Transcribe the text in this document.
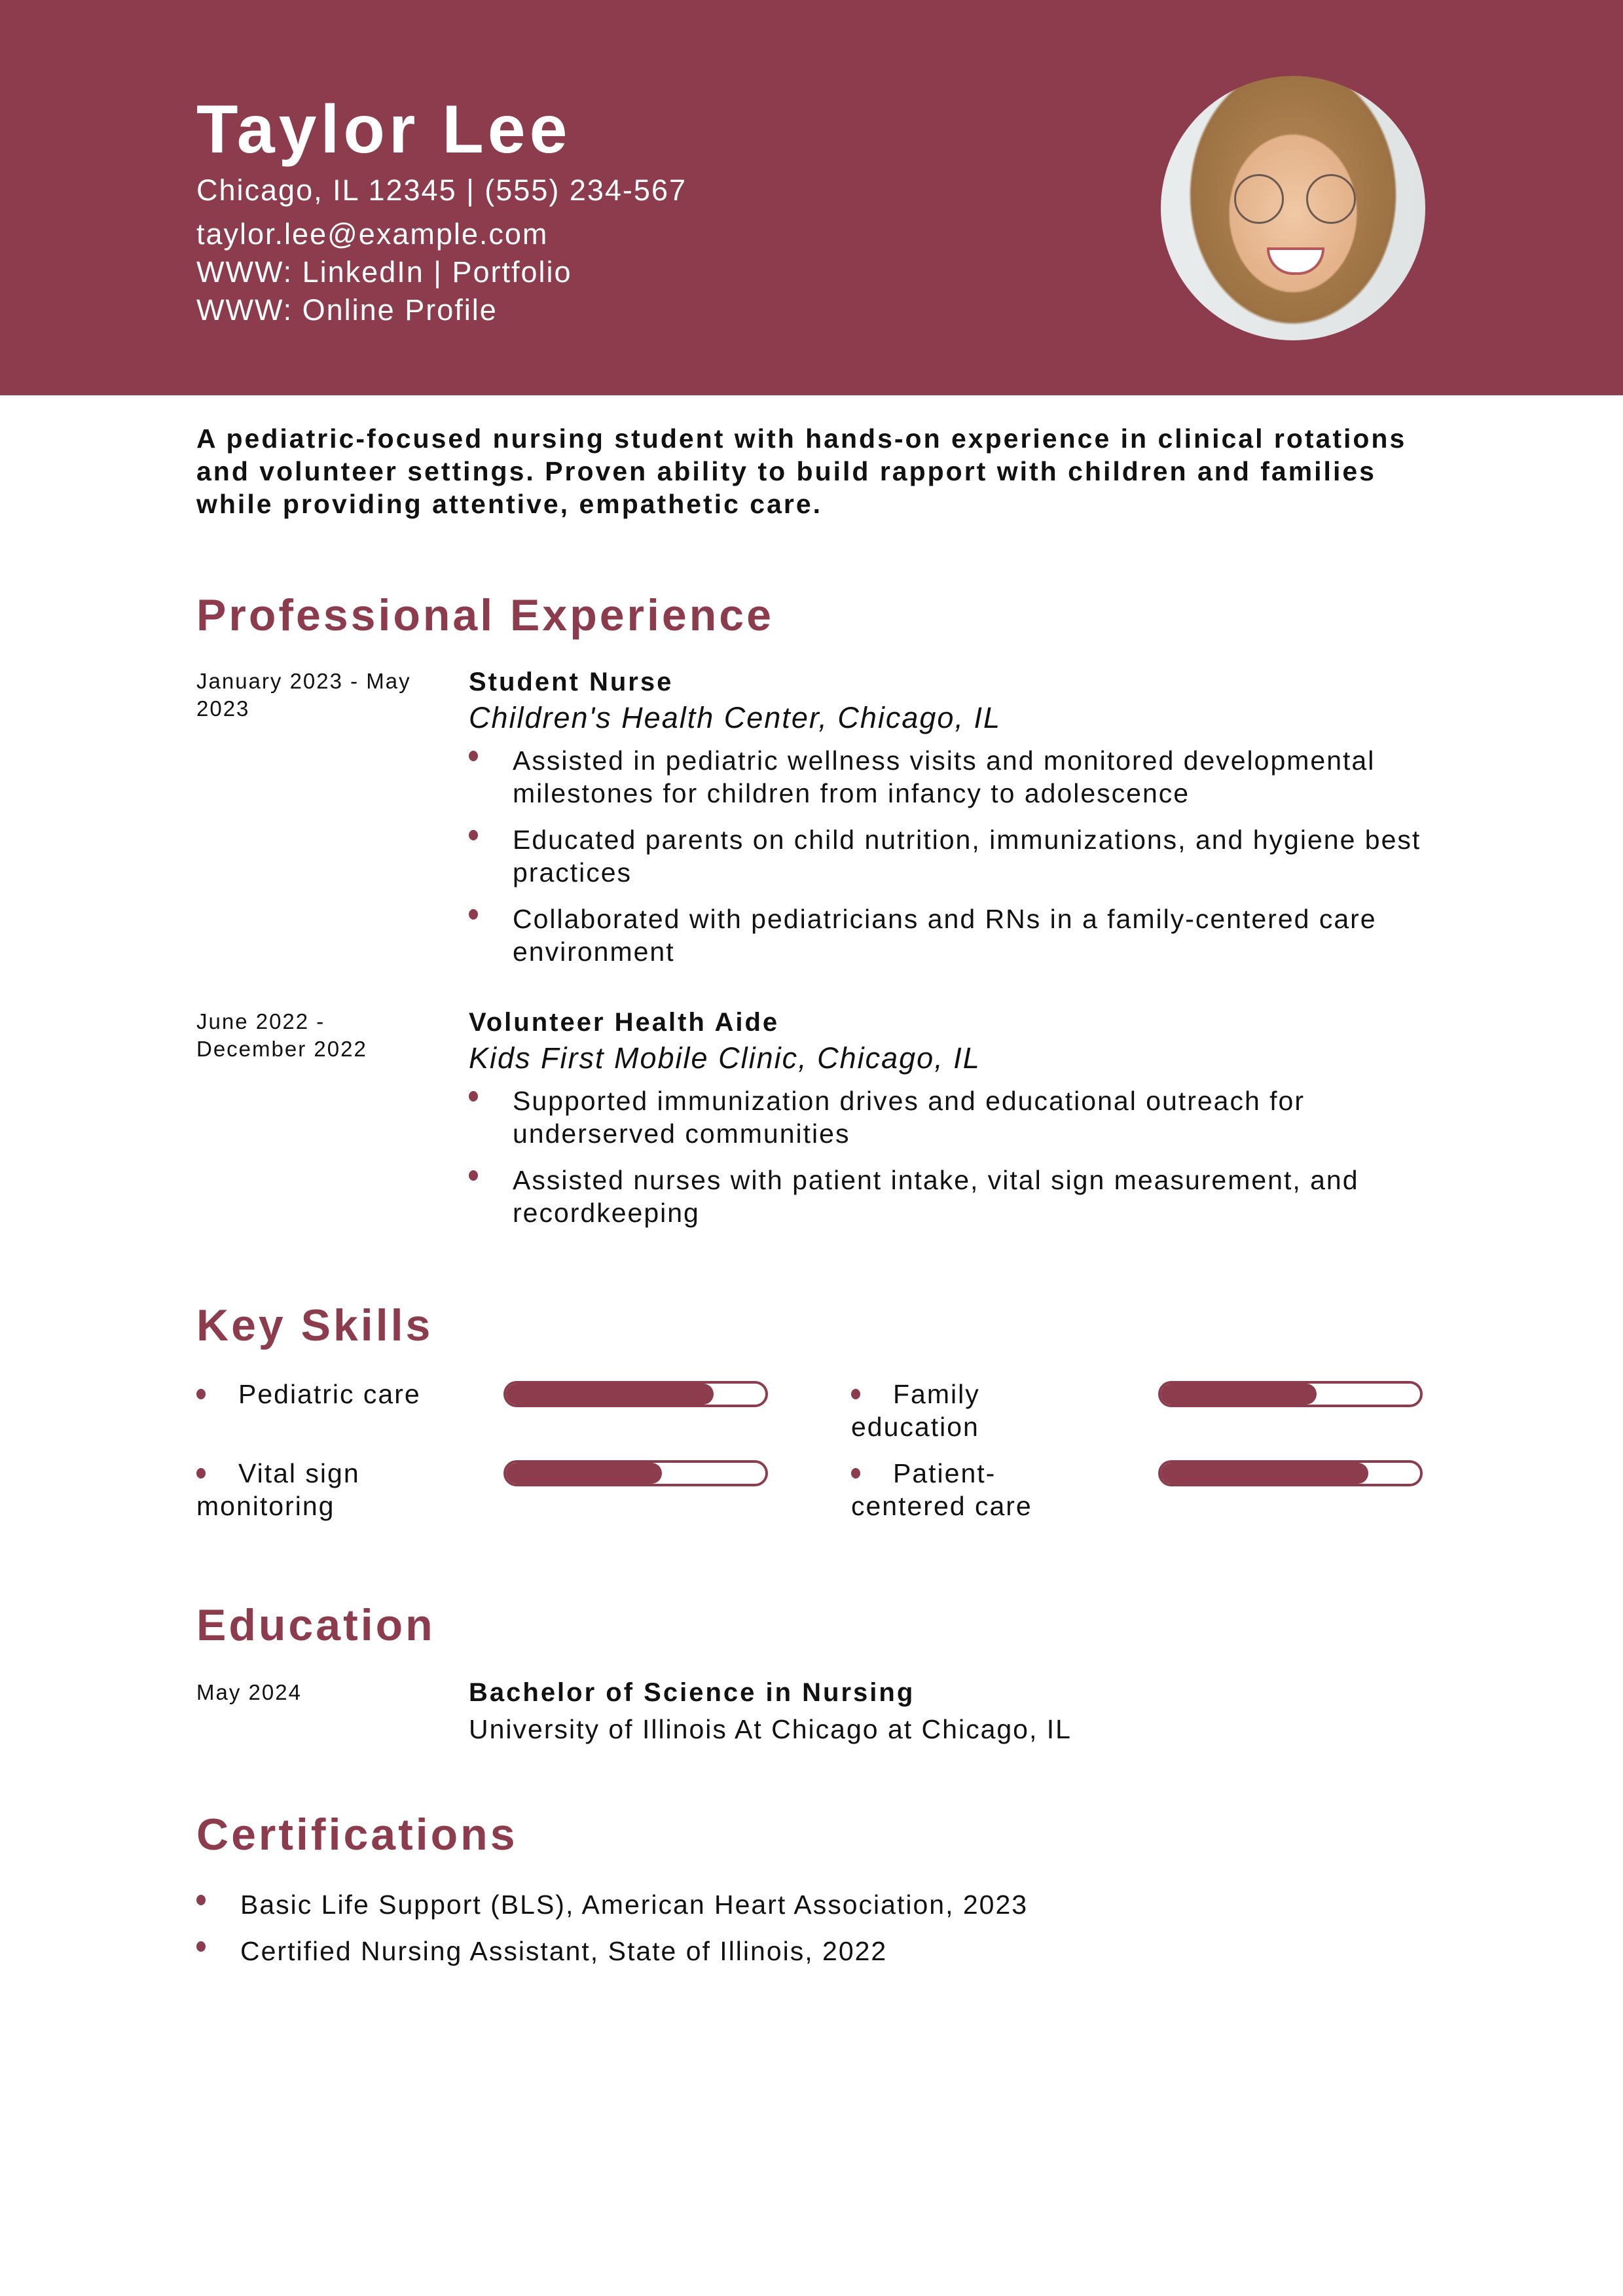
Taylor Lee
Chicago, IL 12345 | (555) 234-567
taylor.lee@example.com
WWW: LinkedIn | Portfolio
WWW: Online Profile
A pediatric-focused nursing student with hands-on experience in clinical rotations and volunteer settings. Proven ability to build rapport with children and families while providing attentive, empathetic care.
Professional Experience
January 2023 - May 2023
Student Nurse
Children's Health Center, Chicago, IL
Assisted in pediatric wellness visits and monitored developmental milestones for children from infancy to adolescence
Educated parents on child nutrition, immunizations, and hygiene best practices
Collaborated with pediatricians and RNs in a family-centered care environment
June 2022 - December 2022
Volunteer Health Aide
Kids First Mobile Clinic, Chicago, IL
Supported immunization drives and educational outreach for underserved communities
Assisted nurses with patient intake, vital sign measurement, and recordkeeping
Key Skills
Pediatric care	Family education
Vital sign monitoring
Patient-centered care
Education
May 2024	Bachelor of Science in Nursing
University of Illinois At Chicago at Chicago, IL
Certifications
Basic Life Support (BLS), American Heart Association, 2023
Certified Nursing Assistant, State of Illinois, 2022
